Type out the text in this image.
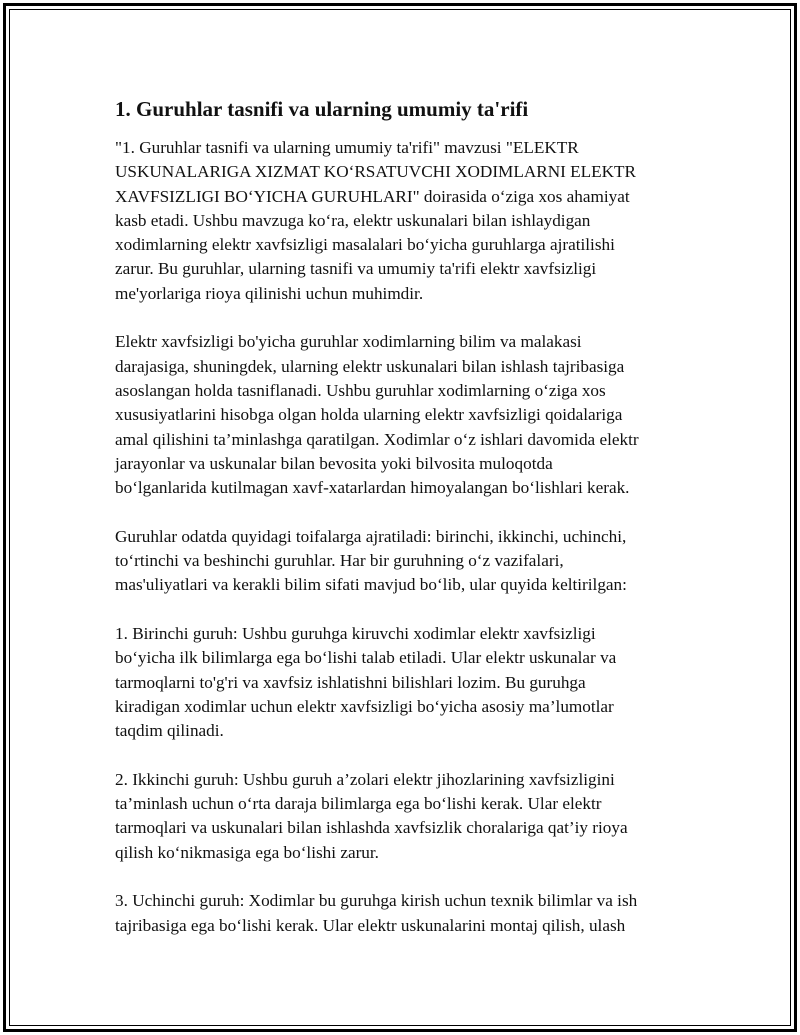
1. Guruhlar tasnifi va ularning umumiy ta'rifi
"1. Guruhlar tasnifi va ularning umumiy ta'rifi" mavzusi "ELEKTR
USKUNALARIGA XIZMAT KO‘RSATUVCHI XODIMLARNI ELEKTR
XAVFSIZLIGI BO‘YICHA GURUHLARI" doirasida o‘ziga xos ahamiyat
kasb etadi. Ushbu mavzuga ko‘ra, elektr uskunalari bilan ishlaydigan
xodimlarning elektr xavfsizligi masalalari bo‘yicha guruhlarga ajratilishi
zarur. Bu guruhlar, ularning tasnifi va umumiy ta'rifi elektr xavfsizligi
me'yorlariga rioya qilinishi uchun muhimdir.
Elektr xavfsizligi bo'yicha guruhlar xodimlarning bilim va malakasi
darajasiga, shuningdek, ularning elektr uskunalari bilan ishlash tajribasiga
asoslangan holda tasniflanadi. Ushbu guruhlar xodimlarning o‘ziga xos
xususiyatlarini hisobga olgan holda ularning elektr xavfsizligi qoidalariga
amal qilishini ta’minlashga qaratilgan. Xodimlar o‘z ishlari davomida elektr
jarayonlar va uskunalar bilan bevosita yoki bilvosita muloqotda
bo‘lganlarida kutilmagan xavf-xatarlardan himoyalangan bo‘lishlari kerak.
Guruhlar odatda quyidagi toifalarga ajratiladi: birinchi, ikkinchi, uchinchi,
to‘rtinchi va beshinchi guruhlar. Har bir guruhning o‘z vazifalari,
mas'uliyatlari va kerakli bilim sifati mavjud bo‘lib, ular quyida keltirilgan:
1. Birinchi guruh: Ushbu guruhga kiruvchi xodimlar elektr xavfsizligi
bo‘yicha ilk bilimlarga ega bo‘lishi talab etiladi. Ular elektr uskunalar va
tarmoqlarni to'g'ri va xavfsiz ishlatishni bilishlari lozim. Bu guruhga
kiradigan xodimlar uchun elektr xavfsizligi bo‘yicha asosiy ma’lumotlar
taqdim qilinadi.
2. Ikkinchi guruh: Ushbu guruh a’zolari elektr jihozlarining xavfsizligini
ta’minlash uchun o‘rta daraja bilimlarga ega bo‘lishi kerak. Ular elektr
tarmoqlari va uskunalari bilan ishlashda xavfsizlik choralariga qat’iy rioya
qilish ko‘nikmasiga ega bo‘lishi zarur.
3. Uchinchi guruh: Xodimlar bu guruhga kirish uchun texnik bilimlar va ish
tajribasiga ega bo‘lishi kerak. Ular elektr uskunalarini montaj qilish, ulash
